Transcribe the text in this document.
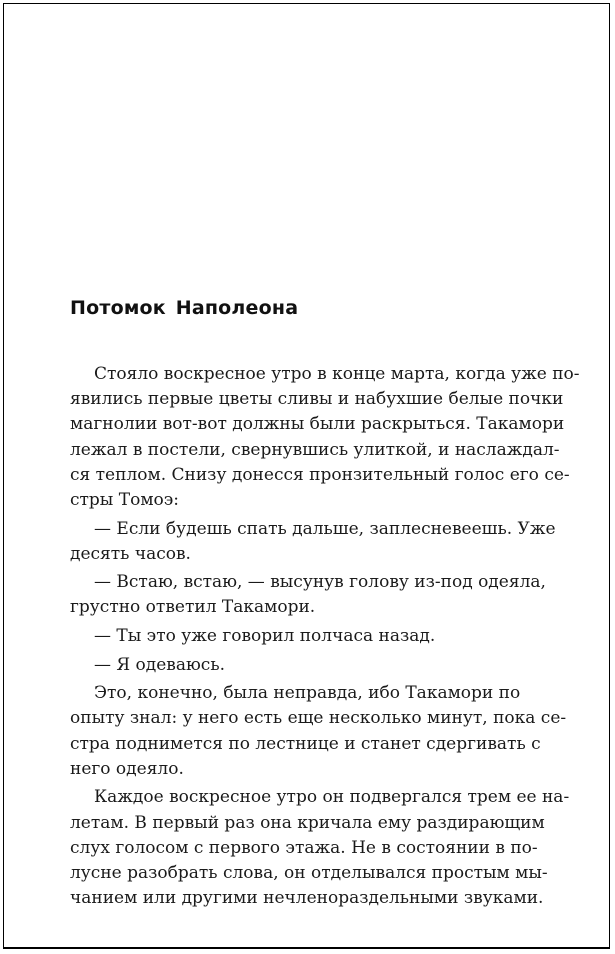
Потомок Наполеона
Стояло воскресное утро в конце марта, когда уже по-
явились первые цветы сливы и набухшие белые почки
магнолии вот-вот должны были раскрыться. Такамори
лежал в постели, свернувшись улиткой, и наслаждал-
ся теплом. Снизу донесся пронзительный голос его се-
стры Томоэ:
— Если будешь спать дальше, заплесневеешь. Уже
десять часов.
— Встаю, встаю, — высунув голову из-под одеяла,
грустно ответил Такамори.
— Ты это уже говорил полчаса назад.
— Я одеваюсь.
Это, конечно, была неправда, ибо Такамори по
опыту знал: у него есть еще несколько минут, пока се-
стра поднимется по лестнице и станет сдергивать с
него одеяло.
Каждое воскресное утро он подвергался трем ее на-
летам. В первый раз она кричала ему раздирающим
слух голосом с первого этажа. Не в состоянии в по-
лусне разобрать слова, он отделывался простым мы-
чанием или другими нечленораздельными звуками.
